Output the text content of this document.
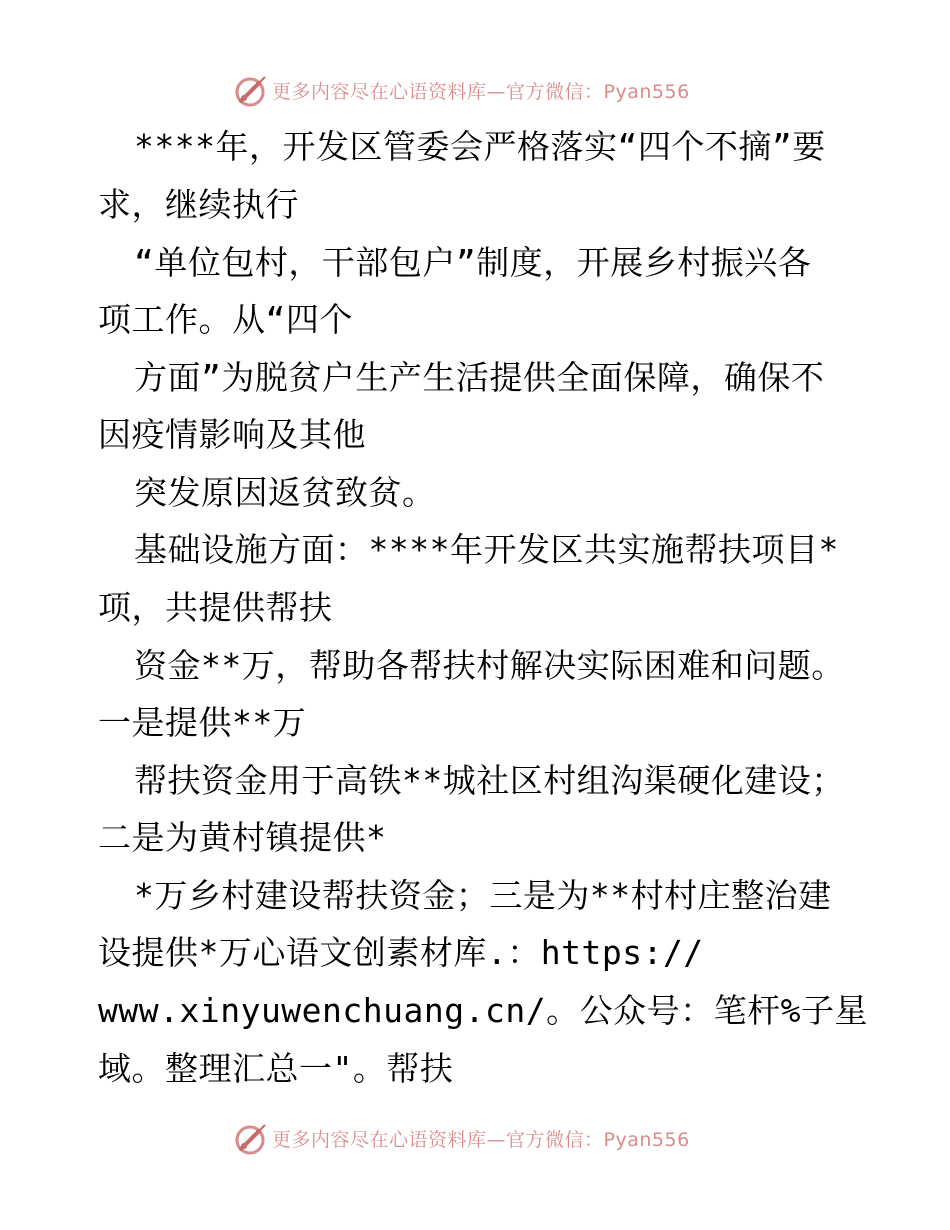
更多内容尽在心语资料库—官方微信：Pyan556
****年，开发区管委会严格落实“四个不摘”要
求，继续执行
“单位包村，干部包户”制度，开展乡村振兴各
项工作。从“四个
方面”为脱贫户生产生活提供全面保障，确保不
因疫情影响及其他
突发原因返贫致贫。
基础设施方面：****年开发区共实施帮扶项目*
项，共提供帮扶
资金**万，帮助各帮扶村解决实际困难和问题。
一是提供**万
帮扶资金用于高铁**城社区村组沟渠硬化建设；
二是为黄村镇提供*
*万乡村建设帮扶资金；三是为**村村庄整治建
设提供*万心语文创素材库.：https://
www.xinyuwenchuang.cn/。公众号：笔杆%子星
域。整理汇总一"。帮扶
更多内容尽在心语资料库—官方微信：Pyan556
